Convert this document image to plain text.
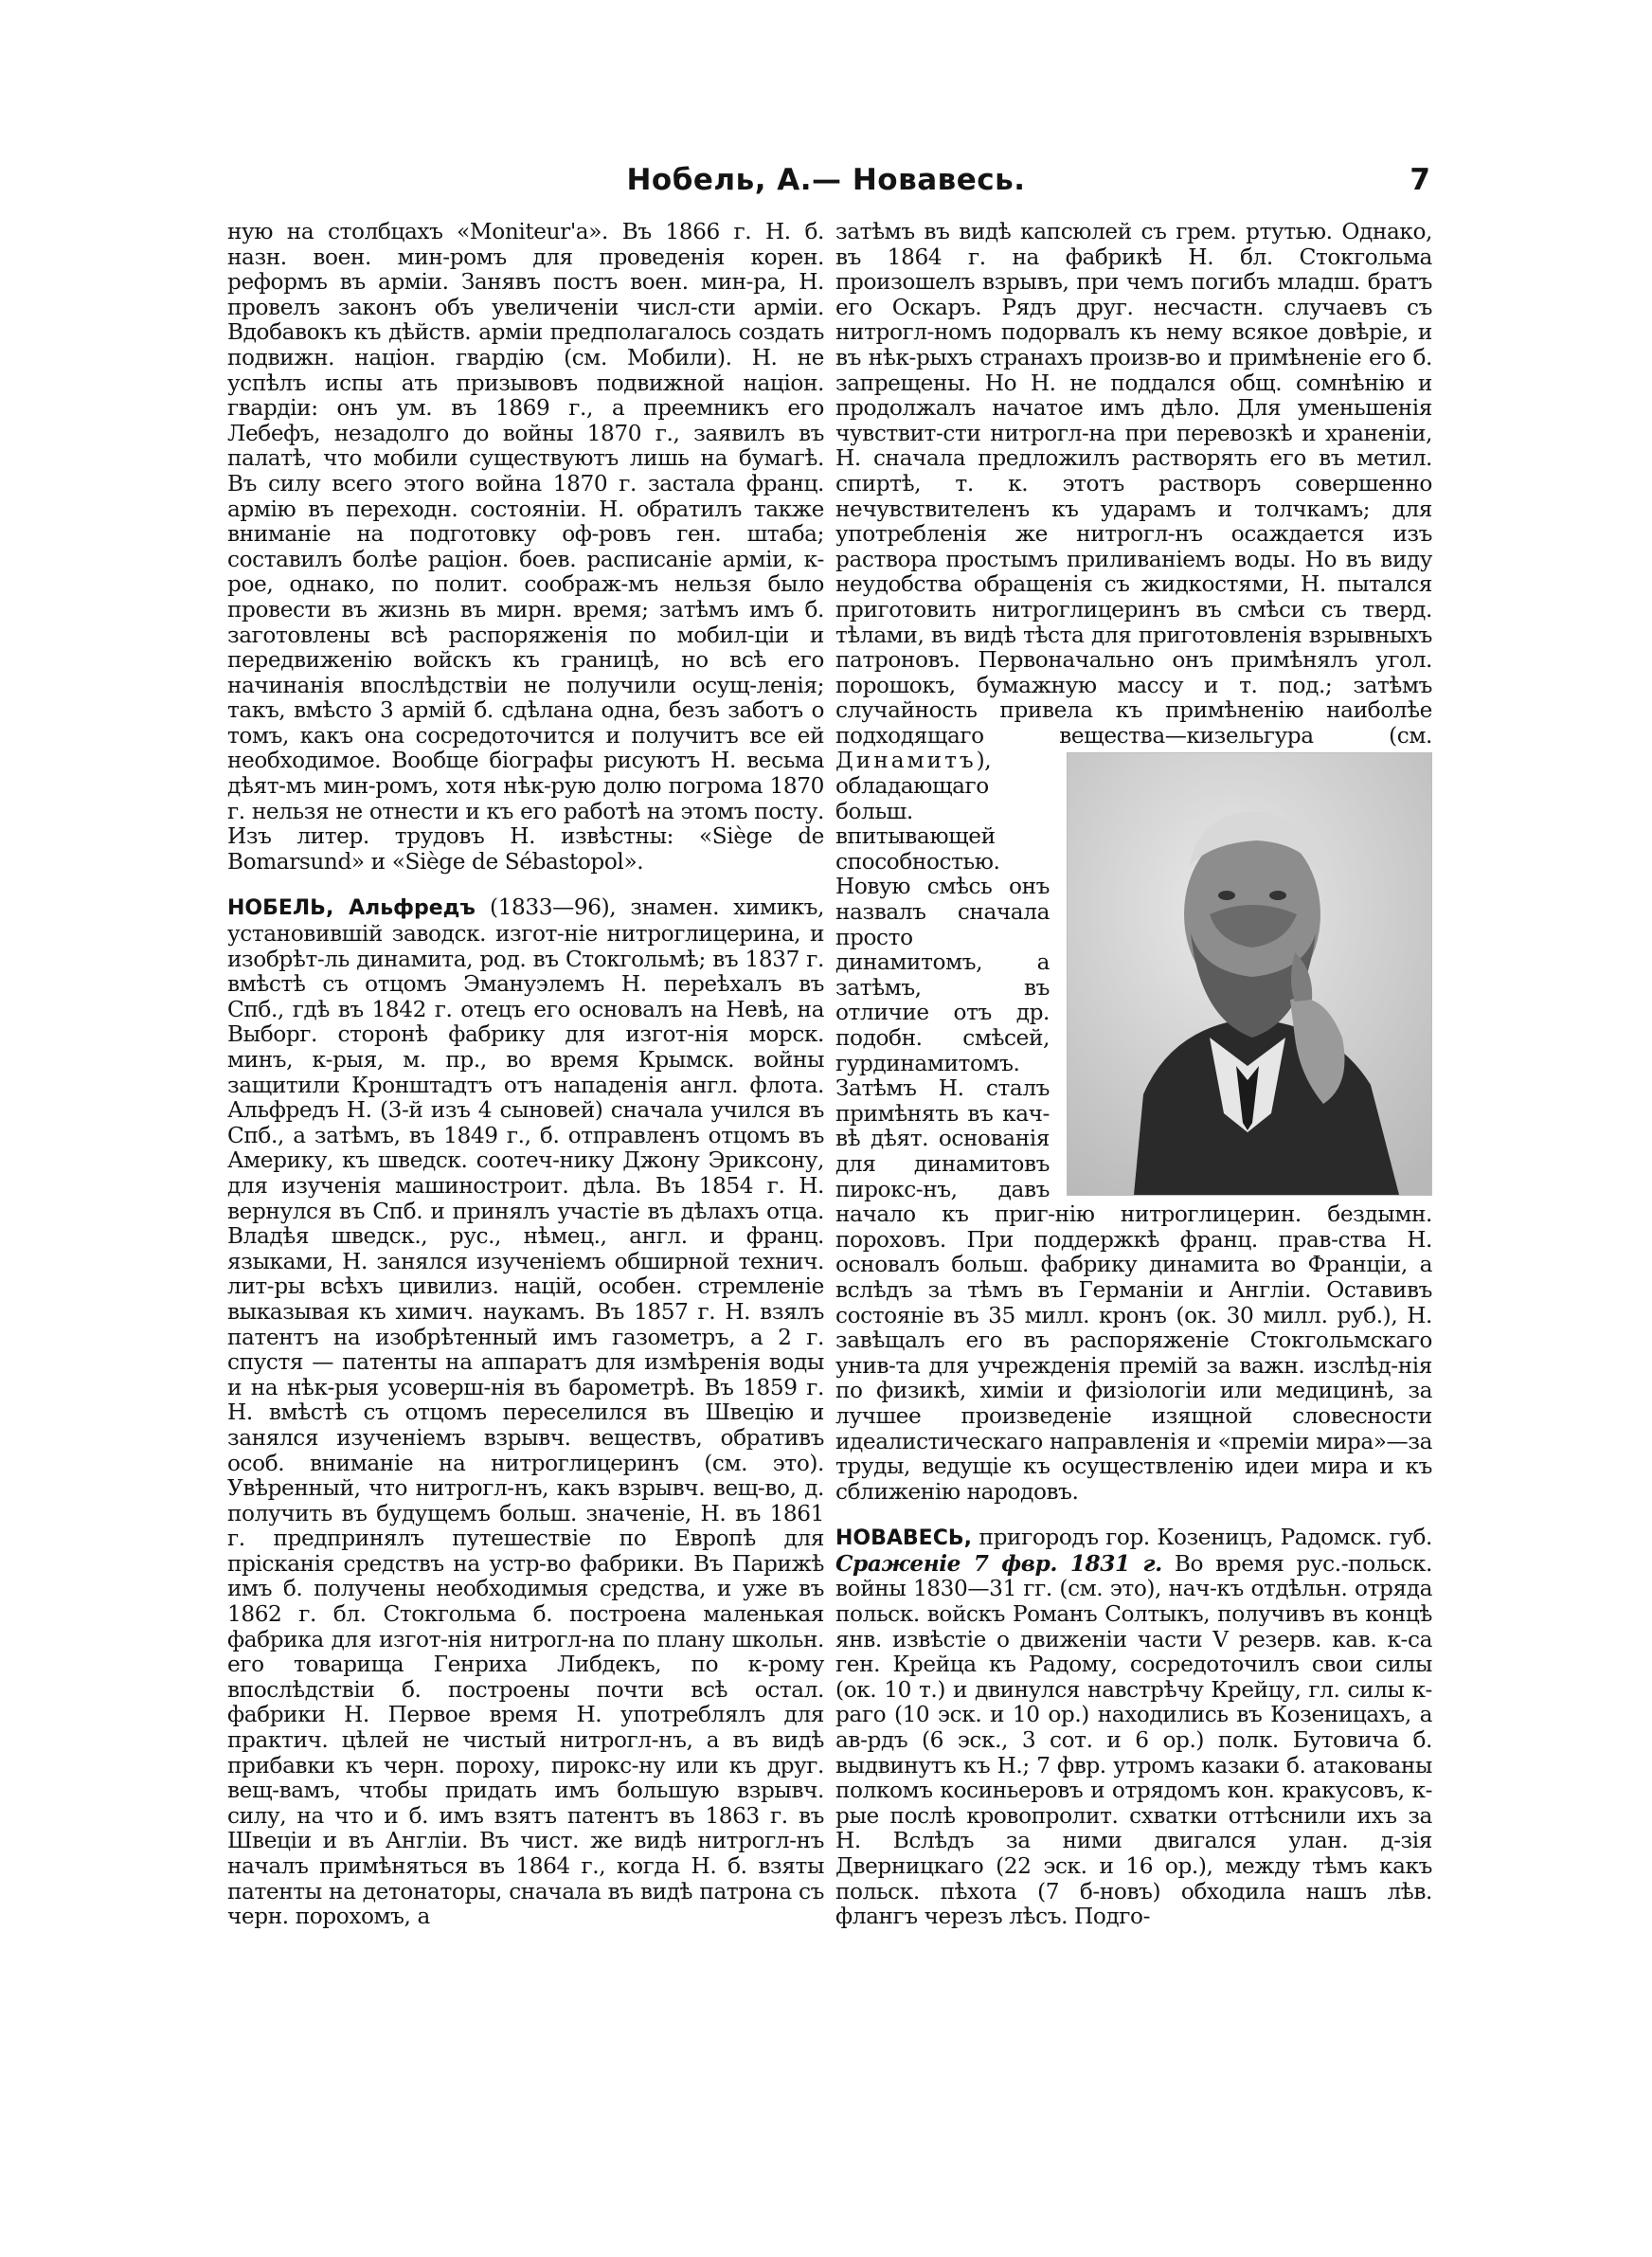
Нобель, А.— Новавесь.	7

ную на столбцахъ «Moniteur'a». Въ 1866 г. Н. б. назн. воен. мин-ромъ для проведенія корен. реформъ въ арміи. Занявъ постъ воен. мин-ра, Н. провелъ законъ объ увеличеніи числ-сти арміи. Вдобавокъ къ дѣйств. арміи предполагалось создать подвижн. націон. гвардію (см. Мобили). Н. не успѣлъ испы ать призывовъ подвижной націон. гвардіи: онъ ум. въ 1869 г., а преемникъ его Лебефъ, незадолго до войны 1870 г., заявилъ въ палатѣ, что мобили существуютъ лишь на бумагѣ. Въ силу всего этого война 1870 г. застала франц. армію въ переходн. состояніи. Н. обратилъ также вниманіе на подготовку оф-ровъ ген. штаба; составилъ болѣе раціон. боев. расписаніе арміи, к-рое, однако, по полит. соображ-мъ нельзя было провести въ жизнь въ мирн. время; затѣмъ имъ б. заготовлены всѣ распоряженія по мобил-ціи и передвиженію войскъ къ границѣ, но всѣ его начинанія впослѣдствіи не получили осущ-ленія; такъ, вмѣсто 3 армій б. сдѣлана одна, безъ заботъ о томъ, какъ она сосредоточится и получитъ все ей необходимое. Вообще біографы рисуютъ Н. весьма дѣят-мъ мин-ромъ, хотя нѣк-рую долю погрома 1870 г. нельзя не отнести и къ его работѣ на этомъ посту. Изъ литер. трудовъ Н. извѣстны: «Siège de Bomarsund» и «Siège de Sébastopol».

НОБЕЛЬ, Альфредъ (1833—96), знамен. химикъ, установившій заводск. изгот-ніе нитроглицерина, и изобрѣт-ль динамита, род. въ Стокгольмѣ; въ 1837 г. вмѣстѣ съ отцомъ Эмануэлемъ Н. переѣхалъ въ Спб., гдѣ въ 1842 г. отецъ его основалъ на Невѣ, на Выборг. сторонѣ фабрику для изгот-нія морск. минъ, к-рыя, м. пр., во время Крымск. войны защитили Кронштадтъ отъ нападенія англ. флота. Альфредъ Н. (3-й изъ 4 сыновей) сначала учился въ Спб., а затѣмъ, въ 1849 г., б. отправленъ отцомъ въ Америку, къ шведск. соотеч-нику Джону Эриксону, для изученія машиностроит. дѣла. Въ 1854 г. Н. вернулся въ Спб. и принялъ участіе въ дѣлахъ отца. Владѣя шведск., рус., нѣмец., англ. и франц. языками, Н. занялся изученіемъ обширной технич. лит-ры всѣхъ цивилиз. націй, особен. стремленіе выказывая къ химич. наукамъ. Въ 1857 г. Н. взялъ патентъ на изобрѣтенный имъ газометръ, а 2 г. спустя — патенты на аппаратъ для измѣренія воды и на нѣк-рыя усоверш-нія въ барометрѣ. Въ 1859 г. Н. вмѣстѣ съ отцомъ переселился въ Швецію и занялся изученіемъ взрывч. веществъ, обративъ особ. вниманіе на нитроглицеринъ (см. это). Увѣренный, что нитрогл-нъ, какъ взрывч. вещ-во, д. получить въ будущемъ больш. значеніе, Н. въ 1861 г. предпринялъ путешествіе по Европѣ для прісканія средствъ на устр-во фабрики. Въ Парижѣ имъ б. получены необходимыя средства, и уже въ 1862 г. бл. Стокгольма б. построена маленькая фабрика для изгот-нія нитрогл-на по плану школьн. его товарища Генриха Либдекъ, по к-рому впослѣдствіи б. построены почти всѣ остал. фабрики Н. Первое время Н. употреблялъ для практич. цѣлей не чистый нитрогл-нъ, а въ видѣ прибавки къ черн. пороху, пирокс-ну или къ друг. вещ-вамъ, чтобы придать имъ большую взрывч. силу, на что и б. имъ взятъ патентъ въ 1863 г. въ Швеціи и въ Англіи. Въ чист. же видѣ нитрогл-нъ началъ примѣняться въ 1864 г., когда Н. б. взяты патенты на детонаторы, сначала въ видѣ патрона съ черн. порохомъ, а

затѣмъ въ видѣ капсюлей съ грем. ртутью. Однако, въ 1864 г. на фабрикѣ Н. бл. Стокгольма произошелъ взрывъ, при чемъ погибъ младш. братъ его Оскаръ. Рядъ друг. несчастн. случаевъ съ нитрогл-номъ подорвалъ къ нему всякое довѣріе, и въ нѣк-рыхъ странахъ произв-во и примѣненіе его б. запрещены. Но Н. не поддался общ. сомнѣнію и продолжалъ начатое имъ дѣло. Для уменьшенія чувствит-сти нитрогл-на при перевозкѣ и храненіи, Н. сначала предложилъ растворять его въ метил. спиртѣ, т. к. этотъ растворъ совершенно нечувствителенъ къ ударамъ и толчкамъ; для употребленія же нитрогл-нъ осаждается изъ раствора простымъ приливаніемъ воды. Но въ виду неудобства обращенія съ жидкостями, Н. пытался приготовить нитроглицеринъ въ смѣси съ тверд. тѣлами, въ видѣ тѣста для приготовленія взрывныхъ патроновъ. Первоначально онъ примѣнялъ угол. порошокъ, бумажную массу и т. под.; затѣмъ случайность привела къ примѣненію наиболѣе подходящаго вещества—кизельгура (см.
Динамитъ), обладающаго больш. впитывающей способностью. Новую смѣсь онъ назвалъ сначала просто динамитомъ, а затѣмъ, въ отличие отъ др. подобн. смѣсей, гурдинамитомъ. Затѣмъ Н. сталъ примѣнять въ кач-вѣ дѣят. основанія для динамитовъ пирокс-нъ, давъ начало къ приг-нію нитроглицерин. бездымн. пороховъ. При поддержкѣ франц. прав-ства Н. основалъ больш. фабрику динамита во Франціи, а вслѣдъ за тѣмъ въ Германіи и Англіи. Оставивъ состояніе въ 35 милл. кронъ (ок. 30 милл. руб.), Н. завѣщалъ его въ распоряженіе Стокгольмскаго унив-та для учрежденія премій за важн. изслѣд-нія по физикѣ, химіи и физіологіи или медицинѣ, за лучшее произведеніе изящной словесности идеалистическаго направленія и «преміи мира»—за труды, ведущіе къ осуществленію идеи мира и къ сближенію народовъ.

НОВАВЕСЬ, пригородъ гор. Козеницъ, Радомск. губ. Сраженіе 7 фвр. 1831 г. Во время рус.-польск. войны 1830—31 гг. (см. это), нач-къ отдѣльн. отряда польск. войскъ Романъ Солтыкъ, получивъ въ концѣ янв. извѣстіе о движеніи части V резерв. кав. к-са ген. Крейца къ Радому, сосредоточилъ свои силы (ок. 10 т.) и двинулся навстрѣчу Крейцу, гл. силы к-раго (10 эск. и 10 ор.) находились въ Козеницахъ, а ав-рдъ (6 эск., 3 сот. и 6 ор.) полк. Бутовича б. выдвинутъ къ Н.; 7 фвр. утромъ казаки б. атакованы полкомъ косиньеровъ и отрядомъ кон. кракусовъ, к-рые послѣ кровопролит. схватки оттѣснили ихъ за Н. Вслѣдъ за ними двигался улан. д-зія Дверницкаго (22 эск. и 16 ор.), между тѣмъ какъ польск. пѣхота (7 б-новъ) обходила нашъ лѣв. флангъ черезъ лѣсъ. Подго-
